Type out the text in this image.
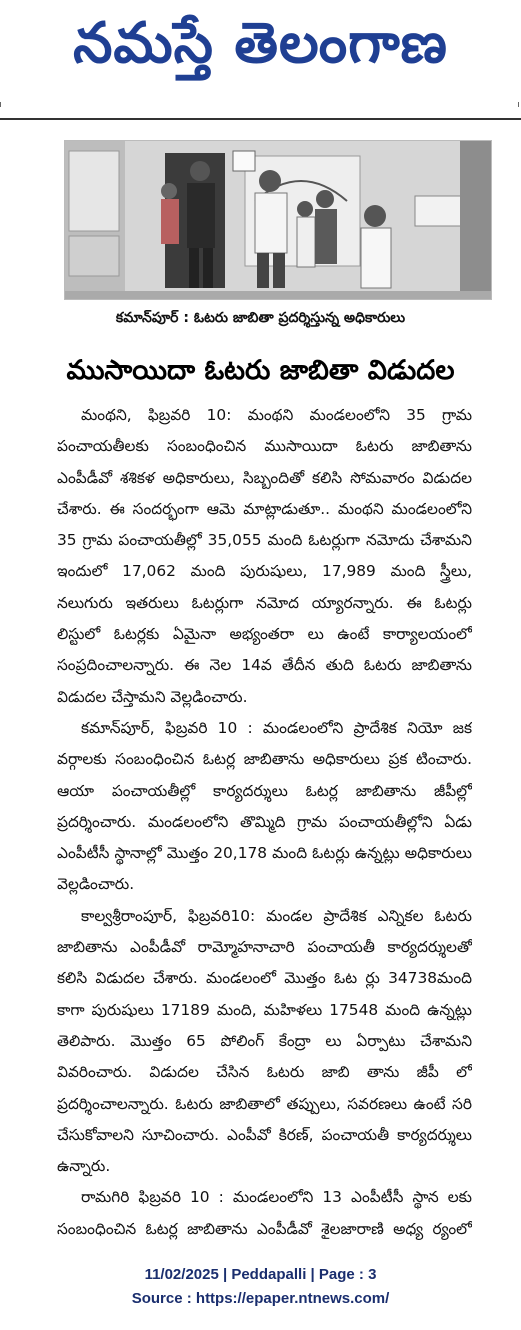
నమస్తే తెలంగాణ
కమాన్‌పూర్ : ఓటరు జాబితా ప్రదర్శిస్తున్న అధికారులు
ముసాయిదా ఓటరు జాబితా విడుదల
మంథని, ఫిబ్రవరి 10: మంథని మండలంలోని 35 గ్రామ పంచాయతీలకు సంబంధించిన ముసాయిదా ఓటరు జాబితాను ఎంపీడీవో శశికళ అధికారులు, సిబ్బందితో కలిసి సోమవారం విడుదల చేశారు. ఈ సందర్భంగా ఆమె మాట్లాడుతూ.. మంథని మండలంలోని 35 గ్రామ పంచాయతీల్లో 35,055 మంది ఓటర్లుగా నమోదు చేశామని ఇందులో 17,062 మంది పురుషులు, 17,989 మంది స్త్రీలు, నలుగురు ఇతరులు ఓటర్లుగా నమోద య్యారన్నారు. ఈ ఓటర్లు లిస్టులో ఓటర్లకు ఏమైనా అభ్యంతరా లు ఉంటే కార్యాలయంలో సంప్రదించాలన్నారు. ఈ నెల 14వ తేదీన తుది ఓటరు జాబితాను విడుదల చేస్తామని వెల్లడించారు.
కమాన్‌పూర్, ఫిబ్రవరి 10 : మండలంలోని ప్రాదేశిక నియో జక వర్గాలకు సంబంధించిన ఓటర్ల జాబితాను అధికారులు ప్రక టించారు. ఆయా పంచాయతీల్లో కార్యదర్శులు ఓటర్ల జాబితాను జీపీల్లో ప్రదర్శించారు. మండలంలోని తొమ్మిది గ్రామ పంచాయతీల్లోని ఏడు ఎంపీటీసీ స్థానాల్లో మొత్తం 20,178 మంది ఓటర్లు ఉన్నట్లు అధికారులు వెల్లడించారు.
కాల్వశ్రీరాంపూర్, ఫిబ్రవరి10: మండల ప్రాదేశిక ఎన్నికల ఓటరు జాబితాను ఎంపీడీవో రామ్మోహనాచారి పంచాయతీ కార్యదర్శులతో కలిసి విడుదల చేశారు. మండలంలో మొత్తం ఓట ర్లు 34738మంది కాగా పురుషులు 17189 మంది, మహిళలు 17548 మంది ఉన్నట్లు తెలిపారు. మొత్తం 65 పోలింగ్ కేంద్రా లు ఏర్పాటు చేశామని వివరించారు. విడుదల చేసిన ఓటరు జాబి తాను జీపీ లో ప్రదర్శించాలన్నారు. ఓటరు జాబితాలో తప్పులు, సవరణలు ఉంటే సరి చేసుకోవాలని సూచించారు. ఎంపీవో కిరణ్, పంచాయతీ కార్యదర్శులు ఉన్నారు.
రామగిరి ఫిబ్రవరి 10 : మండలంలోని 13 ఎంపీటీసీ స్థాన లకు సంబంధించిన ఓటర్ల జాబితాను ఎంపీడీవో శైలజారాణి అధ్య ర్యంలో
11/02/2025 | Peddapalli | Page : 3
Source : https://epaper.ntnews.com/
